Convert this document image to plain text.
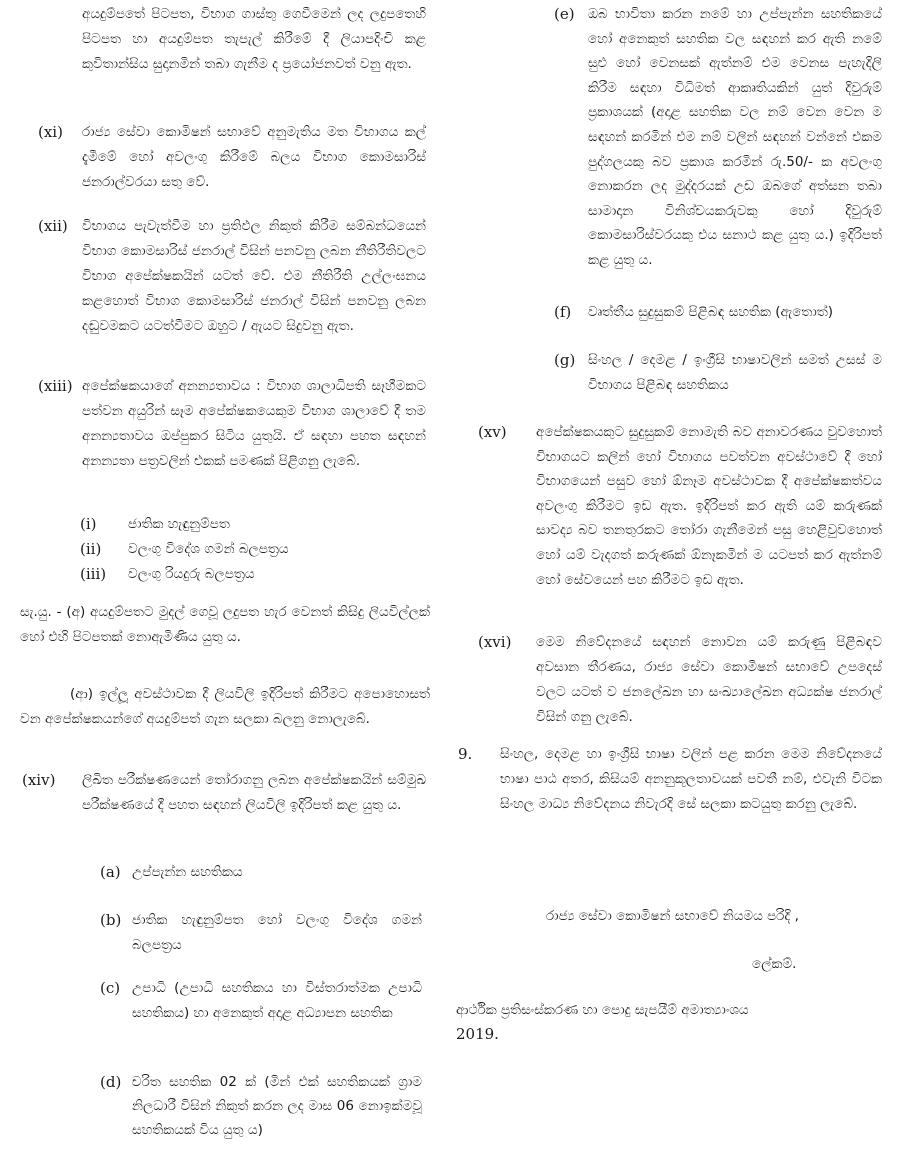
අයදුම්පතේ පිටපත, විභාග ගාස්තු ගෙවීමෙන් ලද ලදුපතෙහි පිටපත හා අයදුම්පත තැපැල් කිරීමේ දී ලියාපදිංචි කළ කුවිතාන්සිය සුදානමින් තබා ගැනීම ද ප්‍රයෝජනවත් වනු ඇත.
(xi) රාජ්‍ය සේවා කොමිෂන් සභාවේ අනුමැතිය මත විභාගය කල් දැමීමේ හෝ අවලංගු කිරීමේ බලය විභාග කොමසාරිස් ජනරාල්වරයා සතු වේ.
(xii) විභාගය පැවැත්වීම හා ප්‍රතිඵල නිකුත් කිරීම සම්බන්ධයෙන් විභාග කොමසාරිස් ජනරාල් විසින් පනවනු ලබන නීතිරීතිවලට විභාග අපේක්ෂකයින් යටත් වේ. එම නීතිරීති උල්ලංඝනය කළහොත් විභාග කොමසාරිස් ජනරාල් විසින් පනවනු ලබන දඬුවමකට යටත්වීමට ඔහුට / ඇයට සිදුවනු ඇත.
(xiii) අපේක්ෂකයාගේ අනන්‍යතාවය : විභාග ශාලාධිපති සෑහීමකට පත්වන අයුරින් සෑම අපේක්ෂකයෙකුම විභාග ශාලාවේ දී තම අනන්‍යතාවය ඔප්පුකර සිටිය යුතුයි. ඒ සඳහා පහත සඳහන් අනන්‍යතා පත්‍රවලින් එකක් පමණක් පිළිගනු ලැබේ.
(i) ජාතික හැඳුනුම්පත
(ii) වලංගු විදේශ ගමන් බලපත්‍රය
(iii) වලංගු රියදුරු බලපත්‍රය
සැ.යු. - (අ) අයදුම්පතට මුදල් ගෙවූ ලදුපත හැර වෙනත් කිසිදු ලියවිල්ලක් හෝ එහි පිටපතක් නොඇමිණිය යුතු ය.
(ආ) ඉල්ලූ අවස්ථාවක දී ලියවිලි ඉදිරිපත් කිරීමට අපොහොසත් වන අපේක්ෂකයන්ගේ අයදුම්පත් ගැන සලකා බලනු නොලැබේ.
(xiv) ලිඛිත පරීක්ෂණයෙන් තෝරාගනු ලබන අපේක්ෂකයින් සම්මුඛ පරීක්ෂණයේ දී පහත සඳහන් ලියවිලි ඉදිරිපත් කළ යුතු ය.
(a) උප්පැන්න සහතිකය
(b) ජාතික හැඳුනුම්පත හෝ වලංගු විදේශ ගමන් බලපත්‍රය
(c) උපාධි (උපාධි සහතිකය හා විස්තරාත්මක උපාධි සහතිකය) හා අනෙකුත් අදාළ අධ්‍යාපන සහතික
(d) චරිත සහතික 02 ක් (මින් එක් සහතිකයක් ග්‍රාම නිලධාරී විසින් නිකුත් කරන ලද මාස 06 නොඉක්මවූ සහතිකයක් විය යුතු ය)
(e) ඔබ භාවිතා කරන නමේ හා උප්පැන්න සහතිකයේ හෝ අනෙකුත් සහතික වල සඳහන් කර ඇති නමේ සුළු හෝ වෙනසක් ඇත්නම් එම වෙනස පැහැදිලි කිරීම සඳහා විධිමත් ආකෘතියකින් යුත් දිවුරුම් ප්‍රකාශයක් (අදාළ සහතික වල නම් වෙන වෙන ම සඳහන් කරමින් එම නම් වලින් සඳහන් වන්නේ එකම පුද්ගලයකු බව ප්‍රකාශ කරමින් රු.50/- ක අවලංගු නොකරන ලද මුද්දරයක් උඩ ඔබගේ අත්සන තබා සාමාදාන විනිශ්චයකරුවකු හෝ දිවුරුම් කොමසාරිස්වරයකු එය සනාථ කළ යුතු ය.) ඉදිරිපත් කළ යුතු ය.
(f) වෘත්තීය සුදුසුකම් පිළිබඳ සහතික (ඇතොත්)
(g) සිංහල / දෙමළ / ඉංග්‍රීසි භාෂාවලින් සමත් උසස් ම විභාගය පිළිබඳ සහතිකය
(xv) අපේක්ෂකයකුට සුදුසුකම් නොමැති බව අනාවරණය වුවහොත් විභාගයට කලින් හෝ විභාගය පවත්වන අවස්ථාවේ දී හෝ විභාගයෙන් පසුව හෝ ඕනෑම අවස්ථාවක දී අපේක්ෂකත්වය අවලංගු කිරීමට ඉඩ ඇත. ඉදිරිපත් කර ඇති යම් කරුණක් සාවද්‍ය බව තනතුරකට තෝරා ගැනීමෙන් පසු හෙළිවුවහොත් හෝ යම් වැදගත් කරුණක් ඕනෑකමින් ම යටපත් කර ඇත්නම් හෝ සේවයෙන් පහ කිරීමට ඉඩ ඇත.
(xvi) මෙම නිවේදනයේ සඳහන් නොවන යම් කරුණු පිළිබඳව අවසාන තීරණය, රාජ්‍ය සේවා කොමිෂන් සභාවේ උපදෙස් වලට යටත් ව ජනලේඛන හා සංඛ්‍යාලේඛන අධ්‍යක්ෂ ජනරාල් විසින් ගනු ලැබේ.
9. සිංහල, දෙමළ හා ඉංග්‍රීසි භාෂා වලින් පළ කරන මෙම නිවේදනයේ භාෂා පාඨ අතර, කිසියම් අනනුකූලතාවයක් පවතී නම්, එවැනි විටක සිංහල මාධ්‍ය නිවේදනය නිවැරදි සේ සලකා කටයුතු කරනු ලැබේ.
රාජ්‍ය සේවා කොමිෂන් සභාවේ නියමය පරිදි ,
ලේකම්.
ආර්ථික ප්‍රතිසංස්කරණ හා පොදු සැපයීම් අමාත්‍යාංශය
2019.
